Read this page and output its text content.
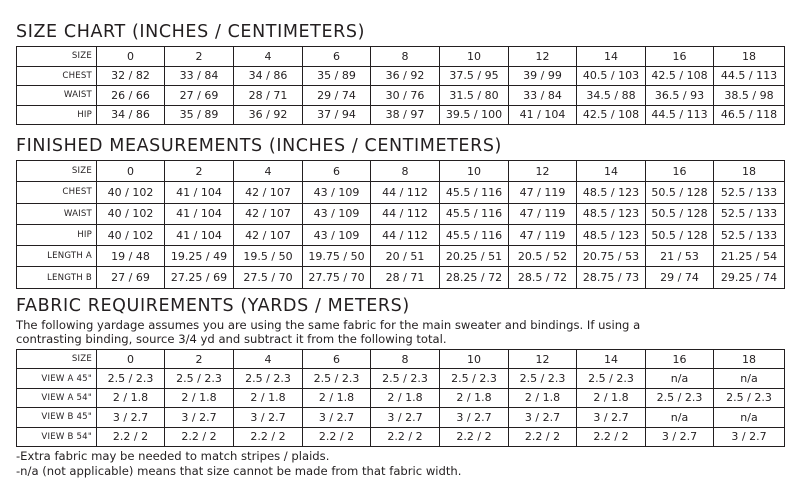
SIZE CHART (INCHES / CENTIMETERS)
SIZE	0	2	4	6	8	10	12	14	16	18
CHEST	32 / 82	33 / 84	34 / 86	35 / 89	36 / 92	37.5 / 95	39 / 99	40.5 / 103	42.5 / 108	44.5 / 113
WAIST	26 / 66	27 / 69	28 / 71	29 / 74	30 / 76	31.5 / 80	33 / 84	34.5 / 88	36.5 / 93	38.5 / 98
HIP	34 / 86	35 / 89	36 / 92	37 / 94	38 / 97	39.5 / 100	41 / 104	42.5 / 108	44.5 / 113	46.5 / 118
FINISHED MEASUREMENTS (INCHES / CENTIMETERS)
SIZE	0	2	4	6	8	10	12	14	16	18
CHEST	40 / 102	41 / 104	42 / 107	43 / 109	44 / 112	45.5 / 116	47 / 119	48.5 / 123	50.5 / 128	52.5 / 133
WAIST	40 / 102	41 / 104	42 / 107	43 / 109	44 / 112	45.5 / 116	47 / 119	48.5 / 123	50.5 / 128	52.5 / 133
HIP	40 / 102	41 / 104	42 / 107	43 / 109	44 / 112	45.5 / 116	47 / 119	48.5 / 123	50.5 / 128	52.5 / 133
LENGTH A	19 / 48	19.25 / 49	19.5 / 50	19.75 / 50	20 / 51	20.25 / 51	20.5 / 52	20.75 / 53	21 / 53	21.25 / 54
LENGTH B	27 / 69	27.25 / 69	27.5 / 70	27.75 / 70	28 / 71	28.25 / 72	28.5 / 72	28.75 / 73	29 / 74	29.25 / 74
FABRIC REQUIREMENTS (YARDS / METERS)
The following yardage assumes you are using the same fabric for the main sweater and bindings. If using a
contrasting binding, source 3/4 yd and subtract it from the following total.
SIZE	0	2	4	6	8	10	12	14	16	18
VIEW A 45"	2.5 / 2.3	2.5 / 2.3	2.5 / 2.3	2.5 / 2.3	2.5 / 2.3	2.5 / 2.3	2.5 / 2.3	2.5 / 2.3	n/a	n/a
VIEW A 54"	2 / 1.8	2 / 1.8	2 / 1.8	2 / 1.8	2 / 1.8	2 / 1.8	2 / 1.8	2 / 1.8	2.5 / 2.3	2.5 / 2.3
VIEW B 45"	3 / 2.7	3 / 2.7	3 / 2.7	3 / 2.7	3 / 2.7	3 / 2.7	3 / 2.7	3 / 2.7	n/a	n/a
VIEW B 54"	2.2 / 2	2.2 / 2	2.2 / 2	2.2 / 2	2.2 / 2	2.2 / 2	2.2 / 2	2.2 / 2	3 / 2.7	3 / 2.7
-Extra fabric may be needed to match stripes / plaids.
-n/a (not applicable) means that size cannot be made from that fabric width.
